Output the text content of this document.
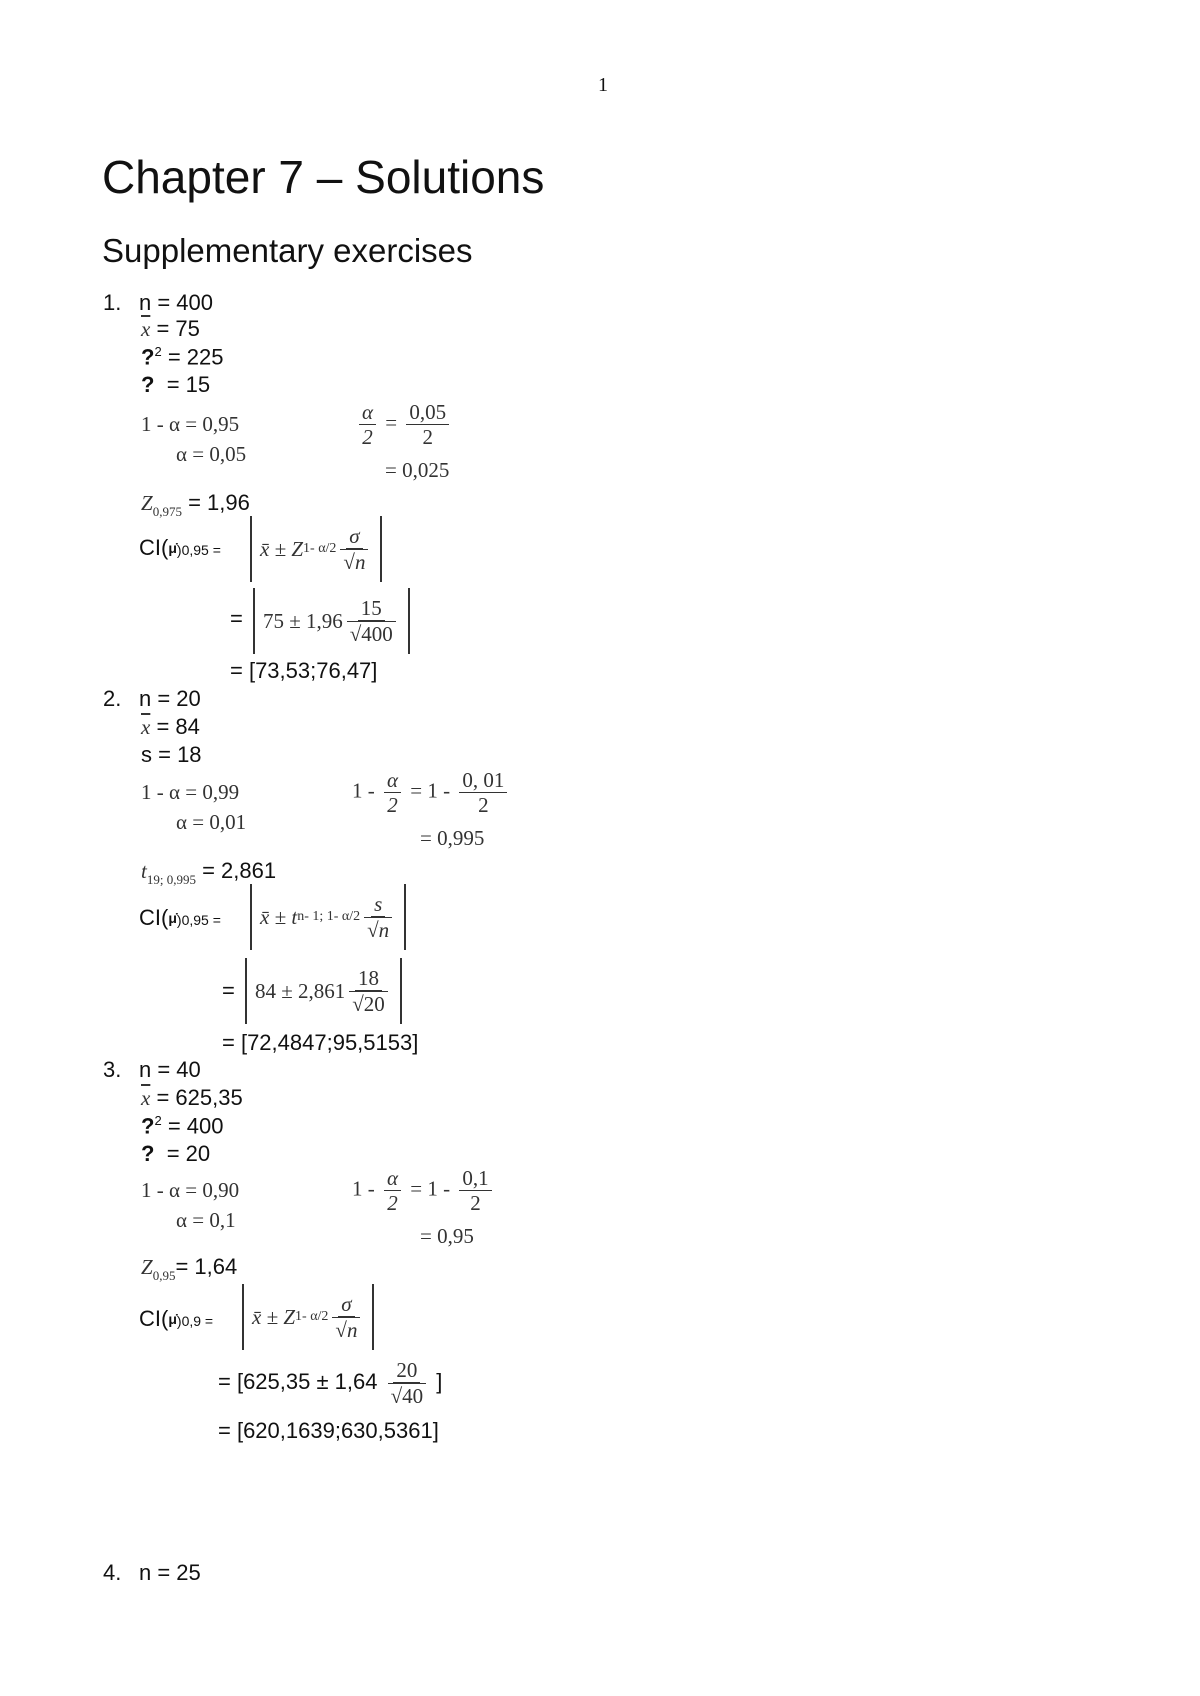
1
Chapter 7 – Solutions
Supplementary exercises
1. n = 400
$\overline{x} = 75$
?$^2$ = 225
? = 15
1 - α = 0,95
α = 0,05
$\frac{\alpha}{2} = \frac{0,05}{2}$
= 0,025
$Z_{0,975} = 1,96$
CI(μ̇)0,95 = x̄ ± Z 1- $\alpha/2 \frac{\sigma}{√n}$
= $75 \pm 1,96 \frac{15}{√400}$
= [73,53;76,47]
2. n = 20
$\overline{x} = 84$
s = 18
1 - α = 0,99
α = 0,01
$1 - \frac{\alpha}{2} = 1 - \frac{0, 01}{2}$
= 0,995
$t_{19; 0,995} = 2,861$
CI(μ̇)0,95 = x̄ ± t n- 1; 1- $\alpha/2 \frac{s}{√n}$
= $84 \pm 2,861 \frac{18}{√20}$
= [72,4847;95,5153]
3. n = 40
$\overline{x} = 625,35$
?$^2$ = 400
? = 20
1 - α = 0,90
α = 0,1
$1 - \frac{\alpha}{2} = 1 - \frac{0,1}{2}$
= 0,95
$Z_{0,95}= 1,64$
CI(μ̇)0,9 = x̄ ± Z 1- $\alpha/2 \frac{\sigma}{√n}$
= [$625,35 \pm 1,64 \frac{20}{√40}$ ]
= [620,1639;630,5361]
4. n = 25
